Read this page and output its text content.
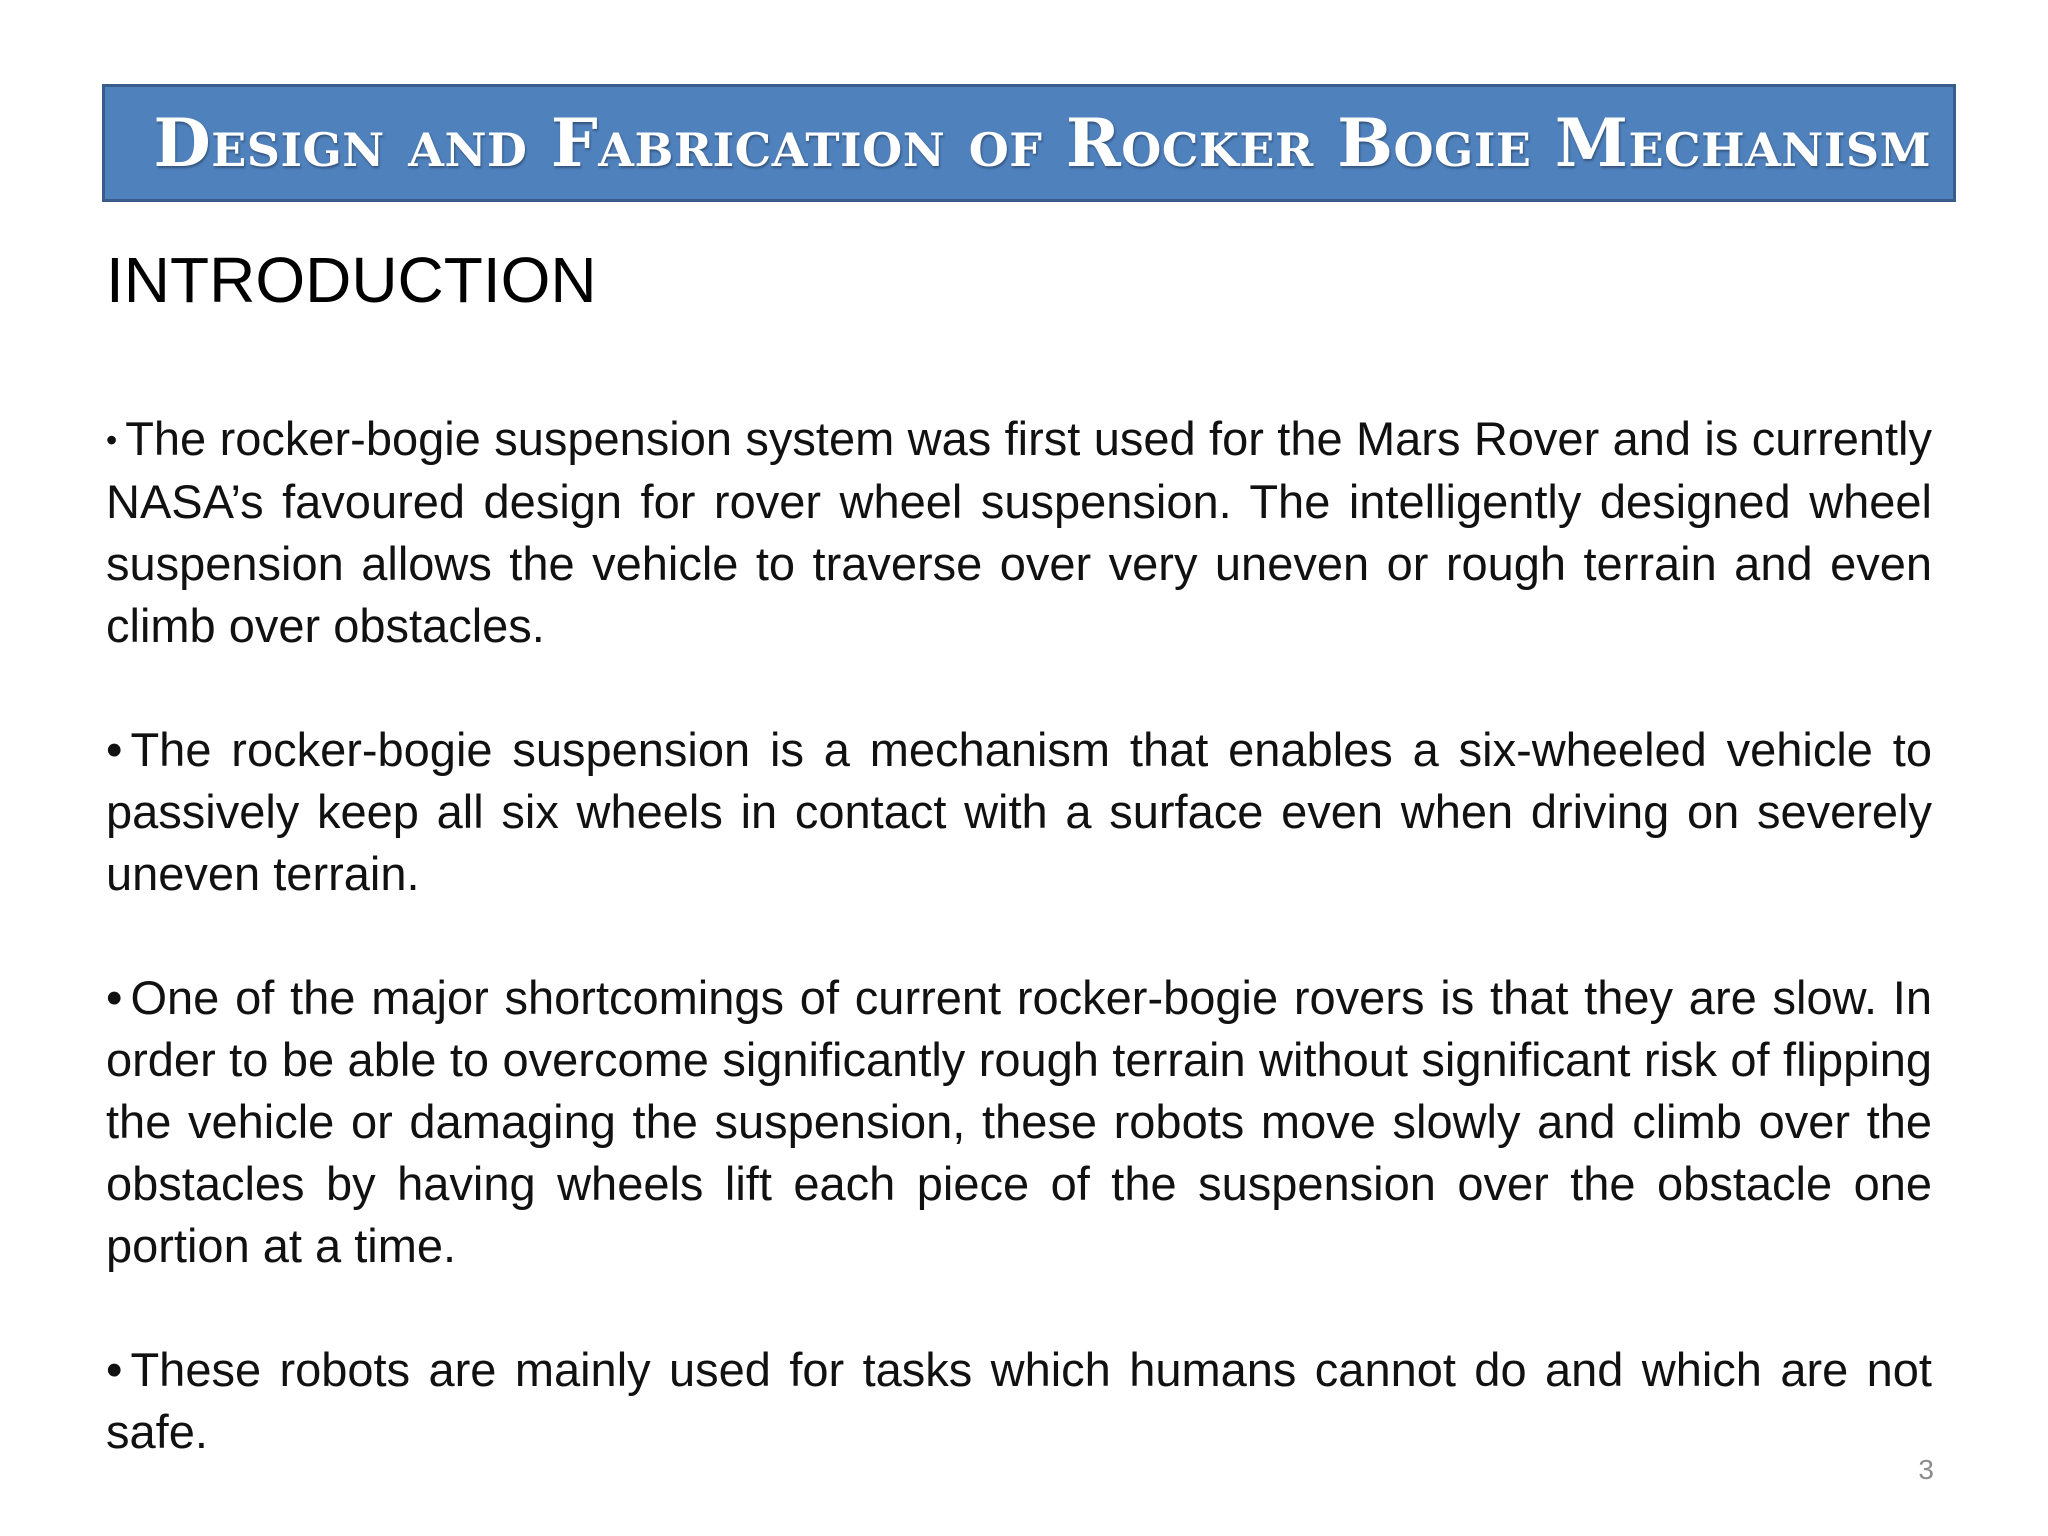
Design and Fabrication of Rocker Bogie Mechanism
INTRODUCTION

• The rocker-bogie suspension system was first used for the Mars Rover and is currently NASA’s favoured design for rover wheel suspension. The intelligently designed wheel suspension allows the vehicle to traverse over very uneven or rough terrain and even climb over obstacles.

• The rocker-bogie suspension is a mechanism that enables a six-wheeled vehicle to passively keep all six wheels in contact with a surface even when driving on severely uneven terrain.

• One of the major shortcomings of current rocker-bogie rovers is that they are slow. In order to be able to overcome significantly rough terrain without significant risk of flipping the vehicle or damaging the suspension, these robots move slowly and climb over the obstacles by having wheels lift each piece of the suspension over the obstacle one portion at a time.

• These robots are mainly used for tasks which humans cannot do and which are not safe.

3
